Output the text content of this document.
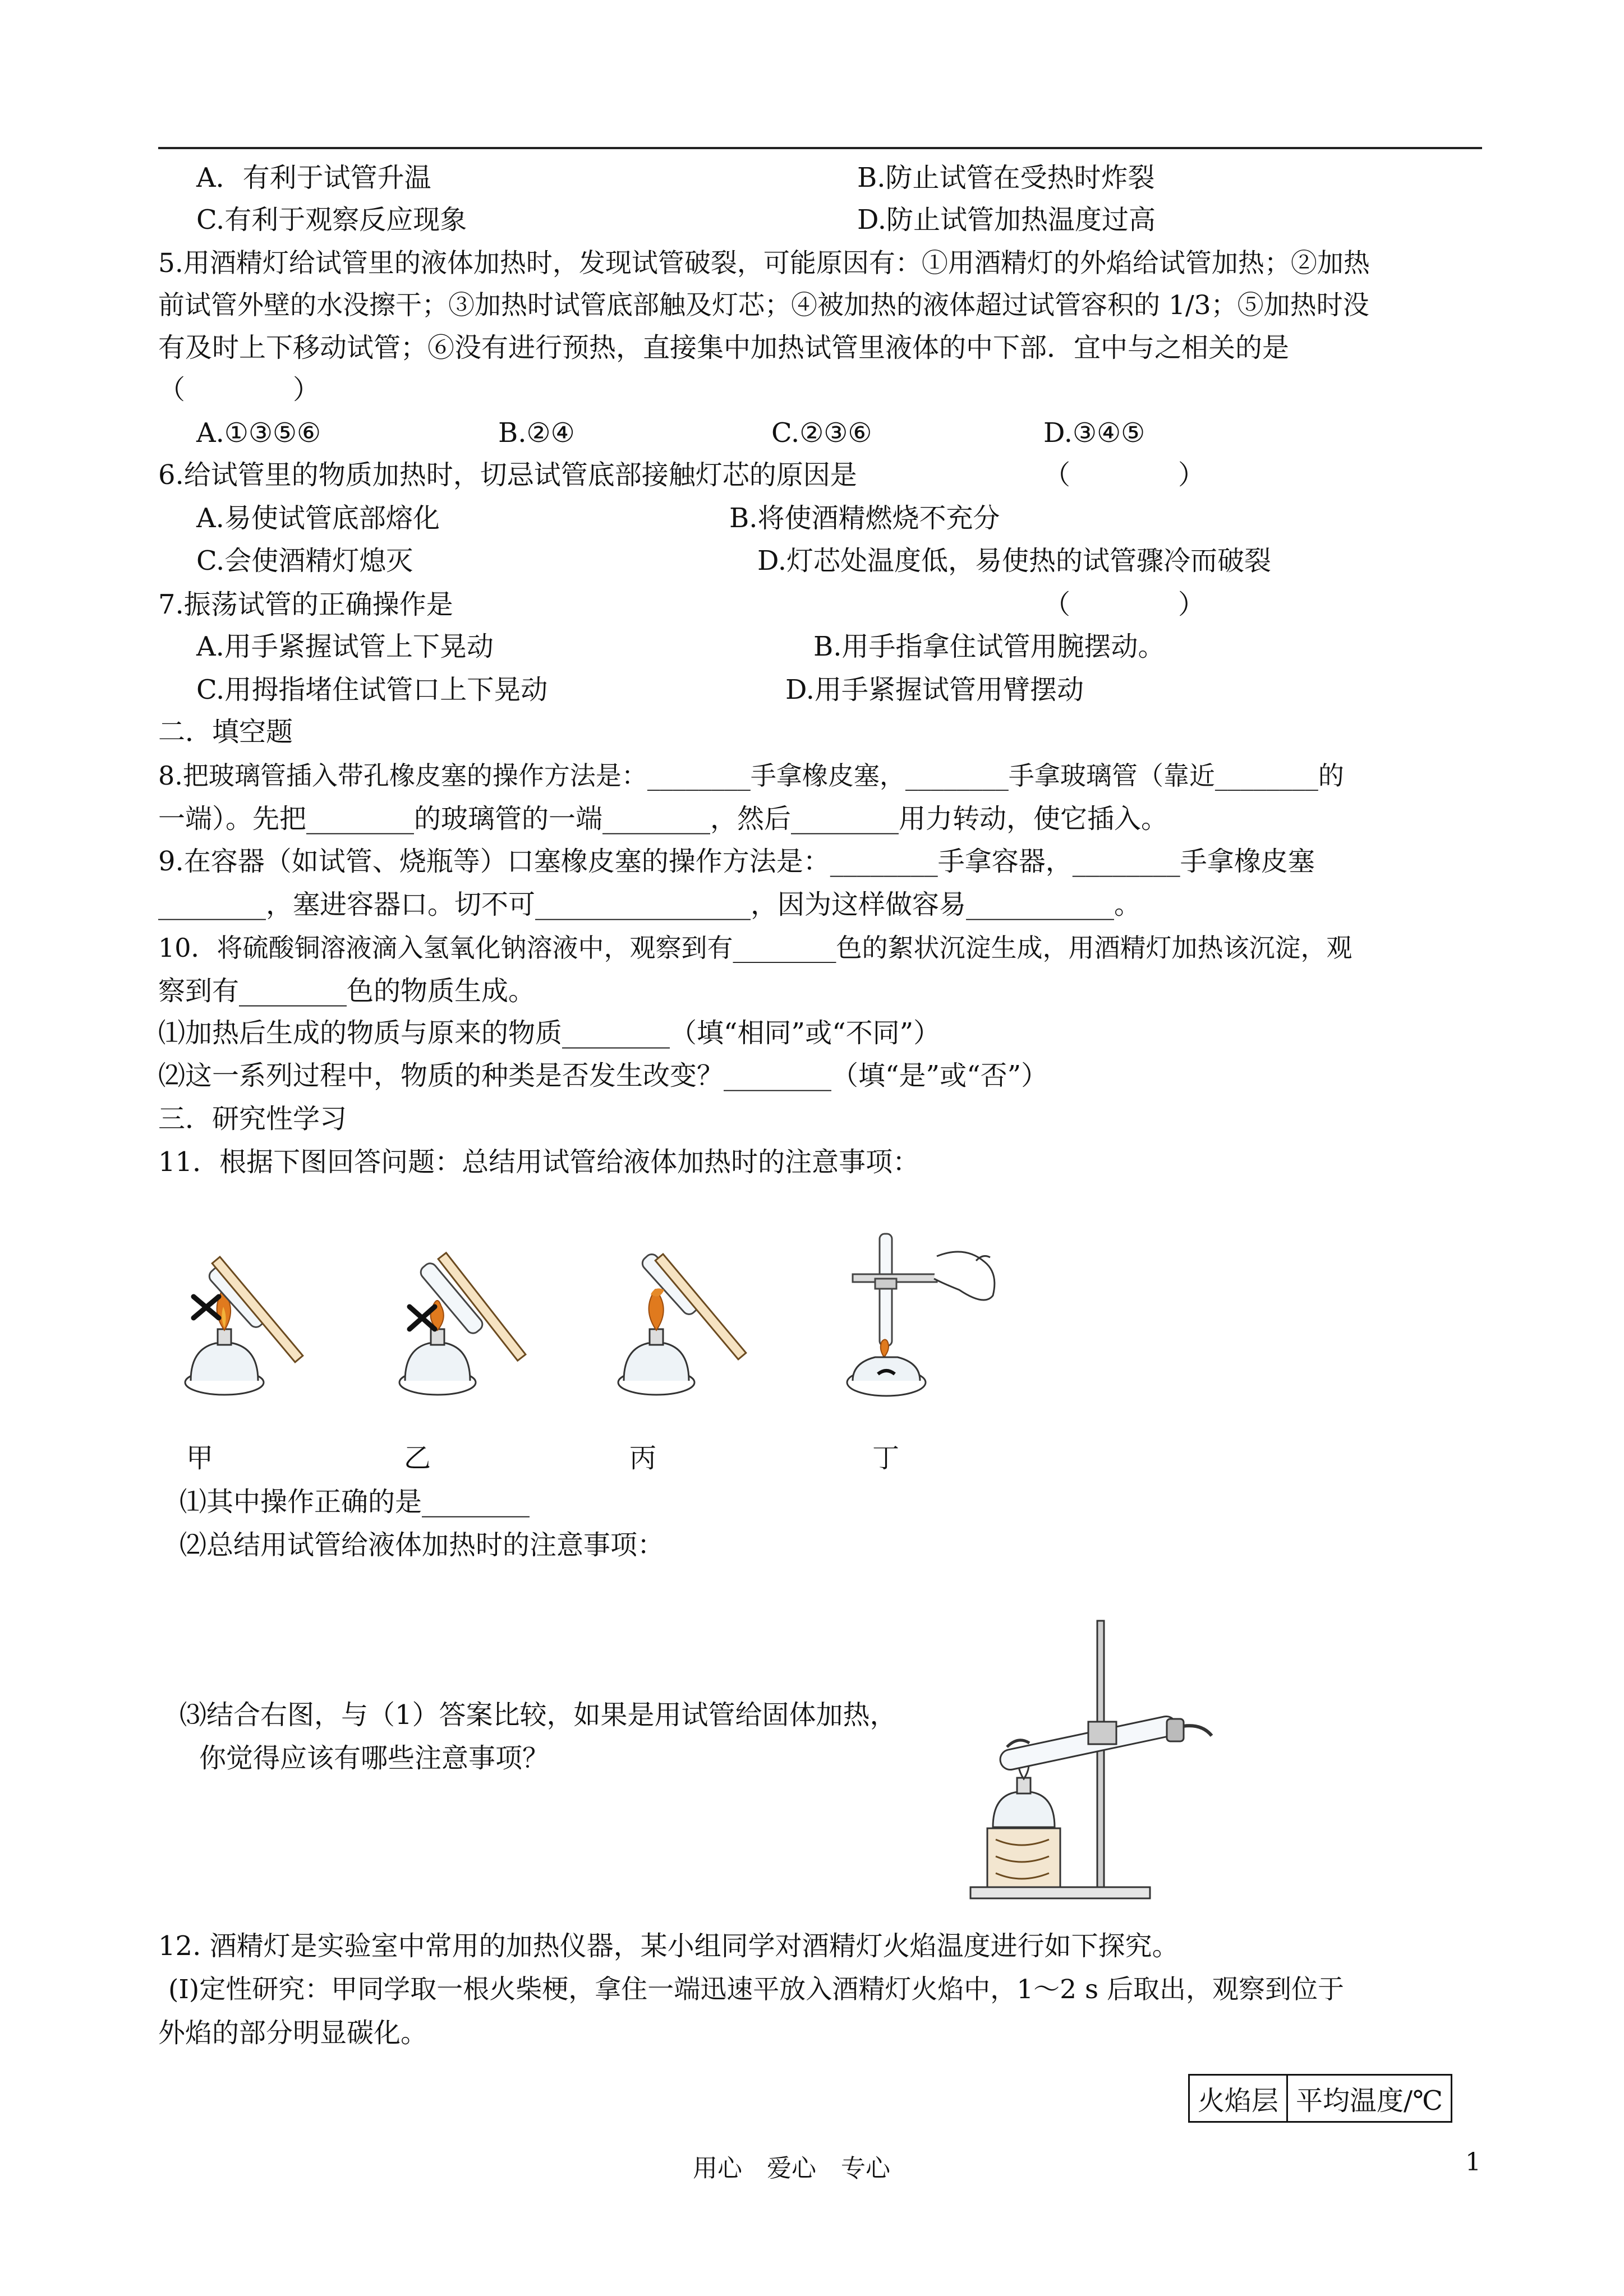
A．有利于试管升温	B.防止试管在受热时炸裂
C.有利于观察反应现象	D.防止试管加热温度过高
5.用酒精灯给试管里的液体加热时，发现试管破裂，可能原因有：①用酒精灯的外焰给试管加热；②加热
前试管外壁的水没擦干；③加热时试管底部触及灯芯；④被加热的液体超过试管容积的 1/3；⑤加热时没
有及时上下移动试管；⑥没有进行预热，直接集中加热试管里液体的中下部．宜中与之相关的是
（　　　　）
A.①③⑤⑥	B.②④	C.②③⑥	D.③④⑤
6.给试管里的物质加热时，切忌试管底部接触灯芯的原因是	（　　　　）
A.易使试管底部熔化	B.将使酒精燃烧不充分
C.会使酒精灯熄灭	D.灯芯处温度低，易使热的试管骤冷而破裂
7.振荡试管的正确操作是	（　　　　）
A.用手紧握试管上下晃动	B.用手指拿住试管用腕摆动。
C.用拇指堵住试管口上下晃动	D.用手紧握试管用臂摆动
二．填空题
8.把玻璃管插入带孔橡皮塞的操作方法是：________手拿橡皮塞，________手拿玻璃管（靠近________的
一端）。先把________的玻璃管的一端________，然后________用力转动，使它插入。
9.在容器（如试管、烧瓶等）口塞橡皮塞的操作方法是：________手拿容器，________手拿橡皮塞
________，塞进容器口。切不可________________，因为这样做容易___________。
10．将硫酸铜溶液滴入氢氧化钠溶液中，观察到有________色的絮状沉淀生成，用酒精灯加热该沉淀，观
察到有________色的物质生成。
⑴加热后生成的物质与原来的物质________（填“相同”或“不同”）
⑵这一系列过程中，物质的种类是否发生改变？________（填“是”或“否”）
三．研究性学习
11．根据下图回答问题：总结用试管给液体加热时的注意事项：
甲	乙	丙	丁
⑴其中操作正确的是________
⑵总结用试管给液体加热时的注意事项：
⑶结合右图，与（1）答案比较，如果是用试管给固体加热，
你觉得应该有哪些注意事项？
12. 酒精灯是实验室中常用的加热仪器，某小组同学对酒精灯火焰温度进行如下探究。
(Ⅰ)定性研究：甲同学取一根火柴梗，拿住一端迅速平放入酒精灯火焰中，1～2 s 后取出，观察到位于
外焰的部分明显碳化。
火焰层	平均温度/℃
用心　爱心　专心	1
